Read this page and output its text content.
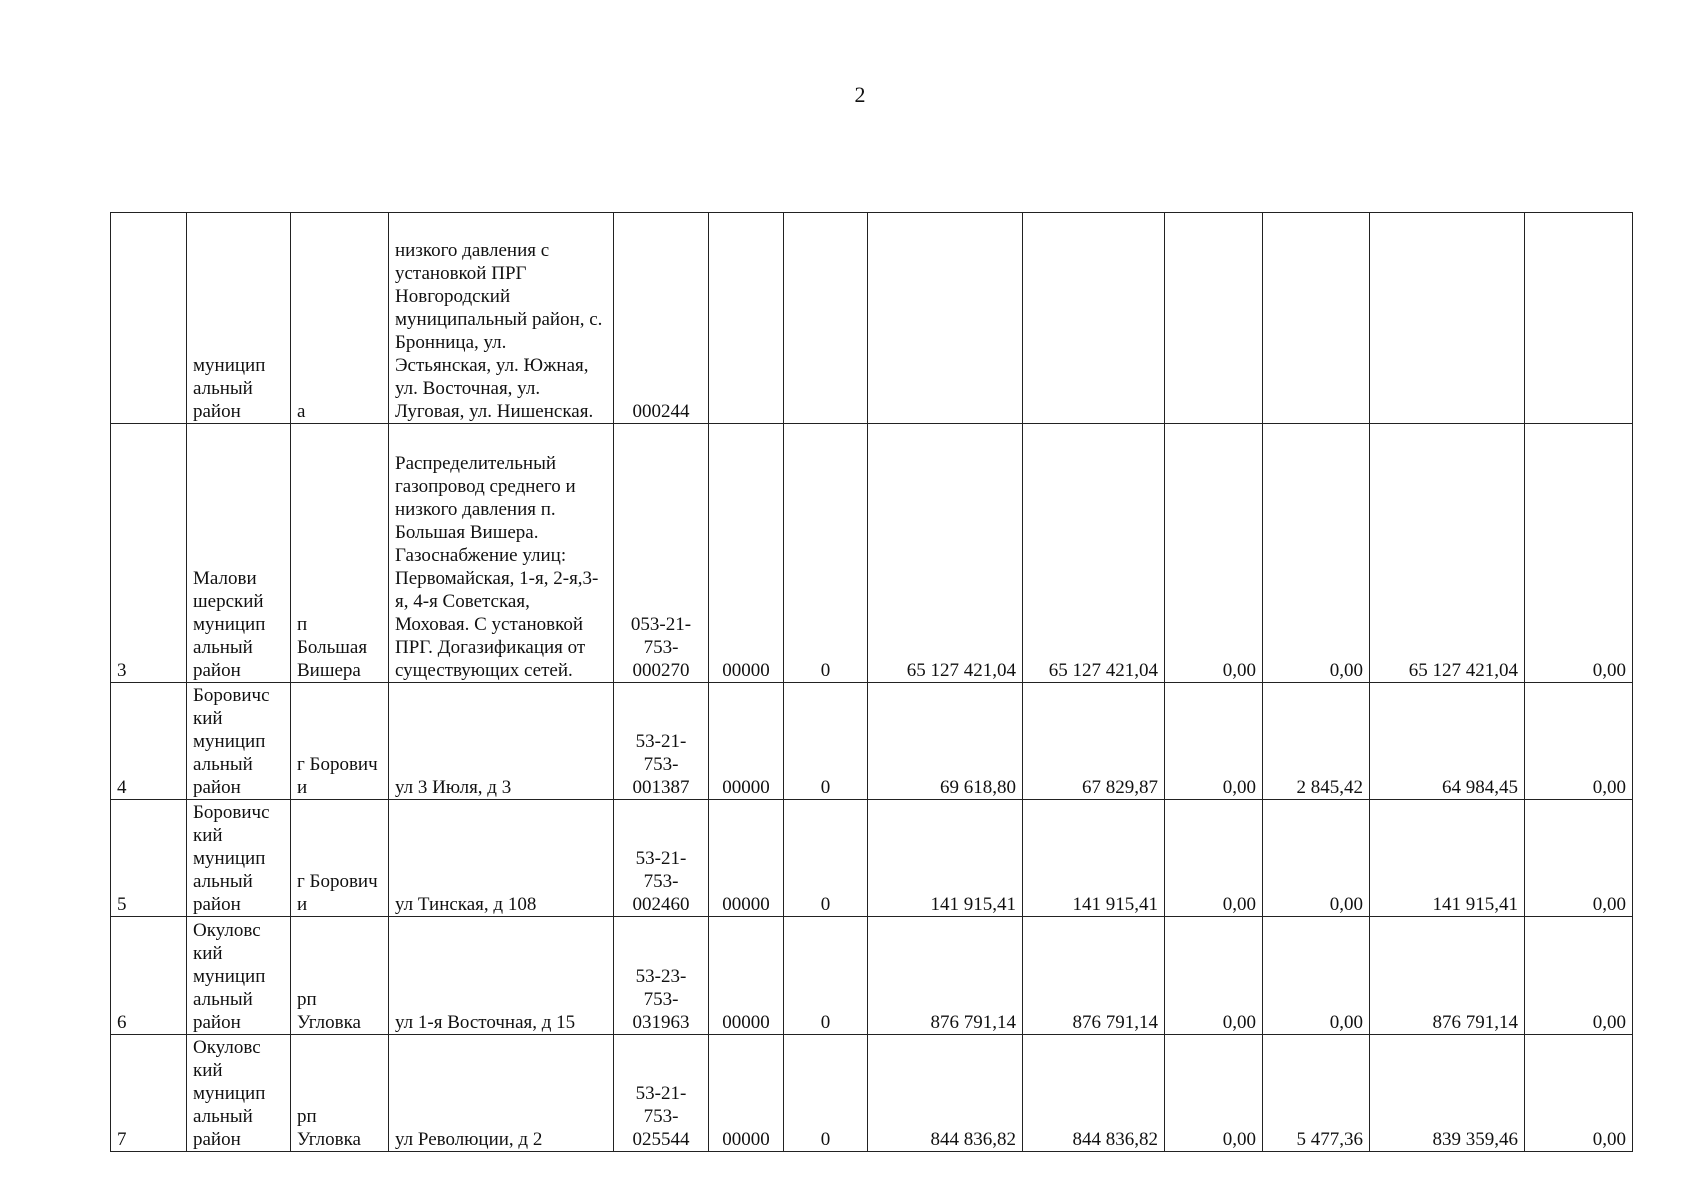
2
	муницип альный район	а	низкого давления с установкой ПРГ Новгородский муниципальный район, с. Бронница, ул. Эстьянская, ул. Южная, ул. Восточная, ул. Луговая, ул. Нишенская.	000244								
3	Малови шерский муницип альный район	п Большая Вишера	Распределительный газопровод среднего и низкого давления п. Большая Вишера. Газоснабжение улиц: Первомайская, 1-я, 2-я,3-я, 4-я Советская, Моховая. С установкой ПРГ. Догазификация от существующих сетей.	053-21-753-000270	00000	0	65 127 421,04	65 127 421,04	0,00	0,00	65 127 421,04	0,00
4	Боровичс кий муницип альный район	г Борович и	ул 3 Июля, д 3	53-21-753-001387	00000	0	69 618,80	67 829,87	0,00	2 845,42	64 984,45	0,00
5	Боровичс кий муницип альный район	г Борович и	ул Тинская, д 108	53-21-753-002460	00000	0	141 915,41	141 915,41	0,00	0,00	141 915,41	0,00
6	Окуловс кий муницип альный район	рп Угловка	ул 1-я Восточная, д 15	53-23-753-031963	00000	0	876 791,14	876 791,14	0,00	0,00	876 791,14	0,00
7	Окуловс кий муницип альный район	рп Угловка	ул Революции, д 2	53-21-753-025544	00000	0	844 836,82	844 836,82	0,00	5 477,36	839 359,46	0,00
